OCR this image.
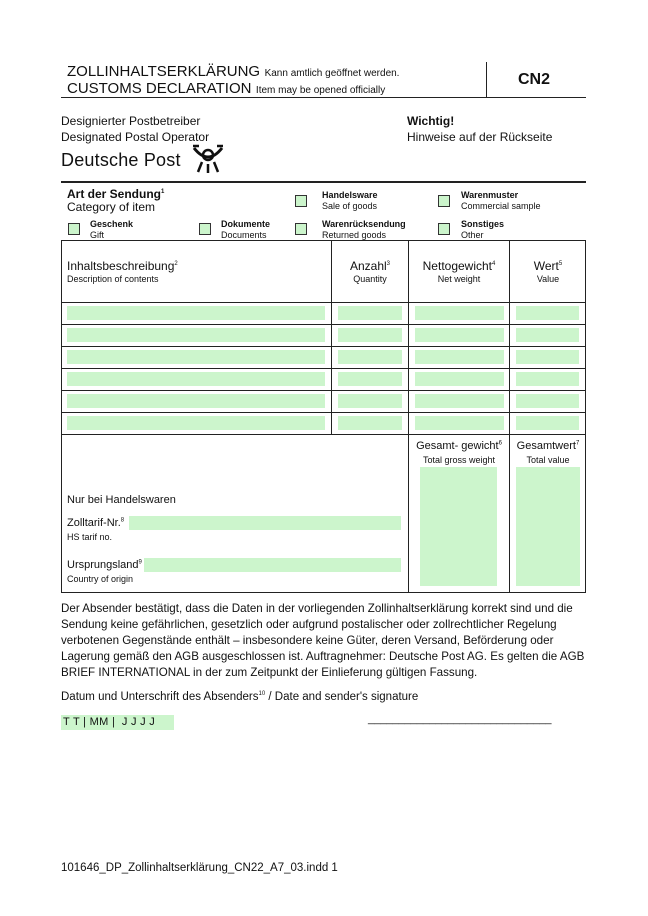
ZOLLINHALTSERKLÄRUNG Kann amtlich geöffnet werden.
CUSTOMS DECLARATION Item may be opened officially
CN2
Designierter Postbetreiber
Designated Postal Operator
Wichtig!
Hinweise auf der Rückseite
Deutsche Post
Art der Sendung$^1$
Category of item
Handelsware
Sale of goods
Warenmuster
Commercial sample
Geschenk
Gift
Dokumente
Documents
Warenrücksendung
Returned goods
Sonstiges
Other
Inhaltsbeschreibung$^2$
Description of contents
Anzahl$^3$
Quantity
Nettogewicht$^4$
Net weight
Wert$^5$
Value
Gesamt- gewicht$^6$
Total gross weight
Gesamtwert$^7$
Total value
Nur bei Handelswaren
Zolltarif-Nr.$^8$
HS tarif no.
Ursprungsland$^9$
Country of origin
Der Absender bestätigt, dass die Daten in der vorliegenden Zollinhaltserklärung korrekt sind und die Sendung keine gefährlichen, gesetzlich oder aufgrund postalischer oder zollrechtlicher Regelung verbotenen Gegenstände enthält – insbesondere keine Güter, deren Versand, Beförderung oder Lagerung gemäß den AGB ausgeschlossen ist. Auftragnehmer: Deutsche Post AG. Es gelten die AGB BRIEF INTERNATIONAL in der zum Zeitpunkt der Einlieferung gültigen Fassung.
Datum und Unterschrift des Absenders$^{10}$ / Date and sender's signature
T T | MM |  J J J J	______________________________
101646_DP_Zollinhaltserklärung_CN22_A7_03.indd 1
